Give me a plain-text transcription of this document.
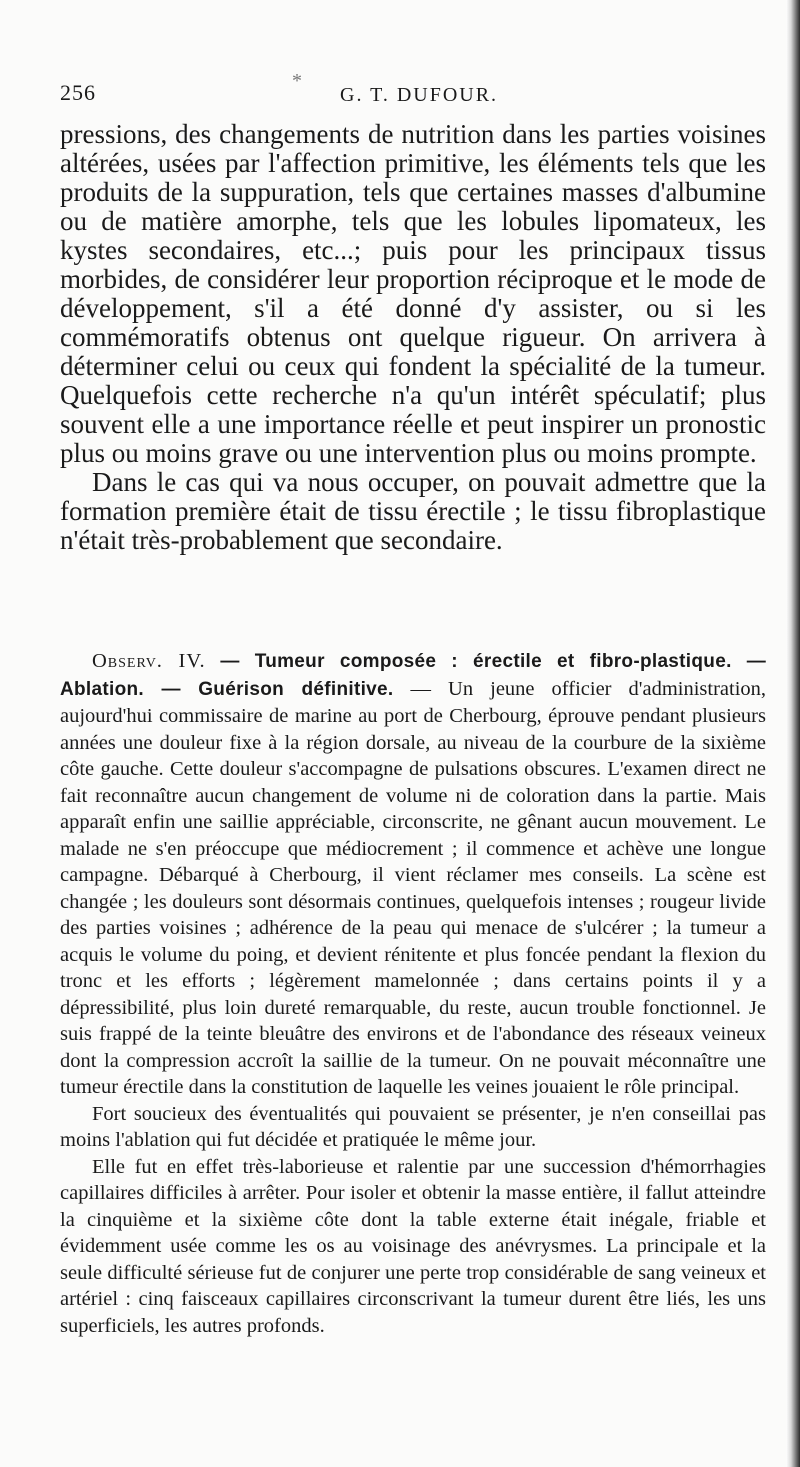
256	*
G. T. DUFOUR.

pressions, des changements de nutrition dans les parties voisines altérées, usées par l'affection primitive, les éléments tels que les produits de la suppuration, tels que certaines masses d'albumine ou de matière amorphe, tels que les lobules lipomateux, les kystes secondaires, etc...; puis pour les principaux tissus morbides, de considérer leur proportion réciproque et le mode de développement, s'il a été donné d'y assister, ou si les commémoratifs obtenus ont quelque rigueur. On arrivera à déterminer celui ou ceux qui fondent la spécialité de la tumeur. Quelquefois cette recherche n'a qu'un intérêt spéculatif; plus souvent elle a une importance réelle et peut inspirer un pronostic plus ou moins grave ou une intervention plus ou moins prompte.

Dans le cas qui va nous occuper, on pouvait admettre que la formation première était de tissu érectile ; le tissu fibroplastique n'était très-probablement que secondaire.

Observ. IV. — Tumeur composée : érectile et fibro-plastique. — Ablation. — Guérison définitive. — Un jeune officier d'administration, aujourd'hui commissaire de marine au port de Cherbourg, éprouve pendant plusieurs années une douleur fixe à la région dorsale, au niveau de la courbure de la sixième côte gauche. Cette douleur s'accompagne de pulsations obscures. L'examen direct ne fait reconnaître aucun changement de volume ni de coloration dans la partie. Mais apparaît enfin une saillie appréciable, circonscrite, ne gênant aucun mouvement. Le malade ne s'en préoccupe que médiocrement ; il commence et achève une longue campagne. Débarqué à Cherbourg, il vient réclamer mes conseils. La scène est changée ; les douleurs sont désormais continues, quelquefois intenses ; rougeur livide des parties voisines ; adhérence de la peau qui menace de s'ulcérer ; la tumeur a acquis le volume du poing, et devient rénitente et plus foncée pendant la flexion du tronc et les efforts ; légèrement mamelonnée ; dans certains points il y a dépressibilité, plus loin dureté remarquable, du reste, aucun trouble fonctionnel. Je suis frappé de la teinte bleuâtre des environs et de l'abondance des réseaux veineux dont la compression accroît la saillie de la tumeur. On ne pouvait méconnaître une tumeur érectile dans la constitution de laquelle les veines jouaient le rôle principal.

Fort soucieux des éventualités qui pouvaient se présenter, je n'en conseillai pas moins l'ablation qui fut décidée et pratiquée le même jour.

Elle fut en effet très-laborieuse et ralentie par une succession d'hémorrhagies capillaires difficiles à arrêter. Pour isoler et obtenir la masse entière, il fallut atteindre la cinquième et la sixième côte dont la table externe était inégale, friable et évidemment usée comme les os au voisinage des anévrysmes. La principale et la seule difficulté sérieuse fut de conjurer une perte trop considérable de sang veineux et artériel : cinq faisceaux capillaires circonscrivant la tumeur durent être liés, les uns superficiels, les autres profonds.
